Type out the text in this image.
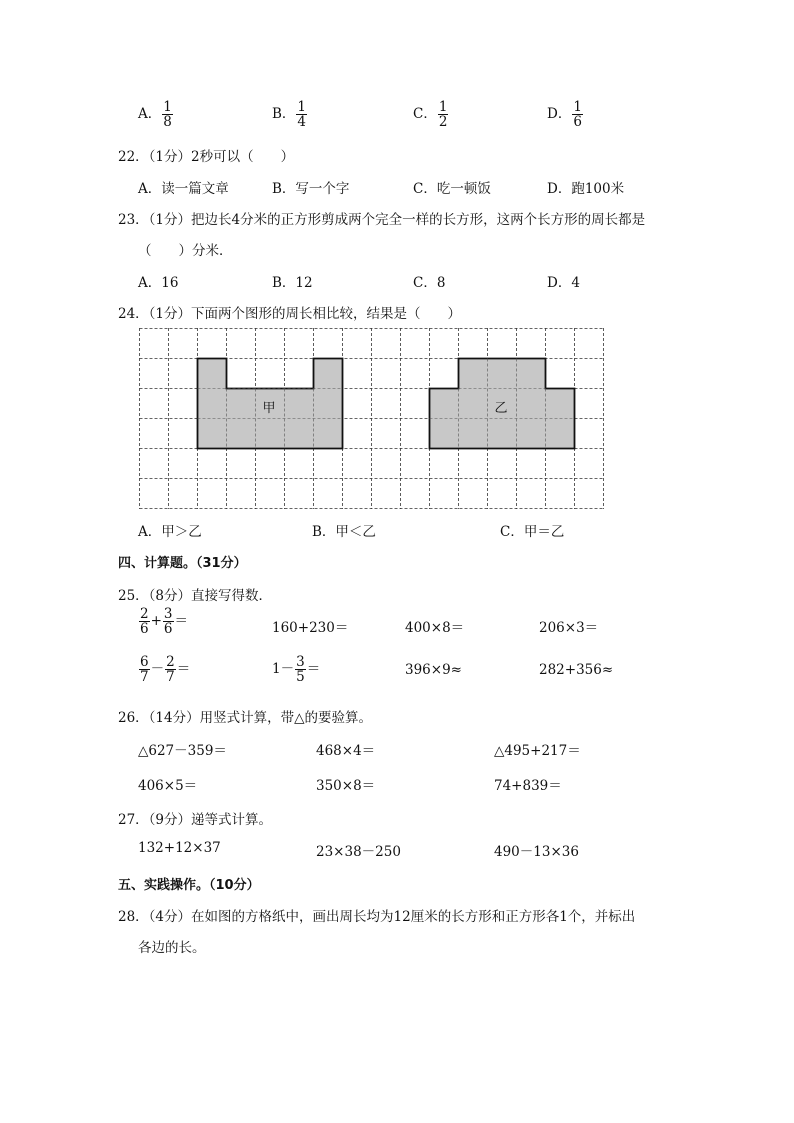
A． $\frac{1}{8}$	B． $\frac{1}{4}$	C． $\frac{1}{2}$	D． $\frac{1}{6}$
22．（1分）2秒可以（　　）
A．读一篇文章	B．写一个字	C．吃一顿饭	D．跑100米
23．（1分）把边长4分米的正方形剪成两个完全一样的长方形，这两个长方形的周长都是
（　　）分米．
A．16	B．12	C．8	D．4
24．（1分）下面两个图形的周长相比较，结果是（　　）
甲	乙
A．甲＞乙	B．甲＜乙	C．甲＝乙
四、计算题。（31分）
25．（8分）直接写得数．
$\frac{2}{6} + \frac{3}{6}$ ＝	160+230＝	400×8＝	206×3＝
$\frac{6}{7} - \frac{2}{7}$ ＝	$1- \frac{3}{5}$ ＝	396×9≈	282+356≈
26．（14分）用竖式计算，带△的要验算。
△627－359＝	468×4＝	△495+217＝
406×5＝	350×8＝	74+839＝
27．（9分）递等式计算。
132+12×37	23×38－250	490－13×36
五、实践操作。（10分）
28．（4分）在如图的方格纸中，画出周长均为12厘米的长方形和正方形各1个，并标出
各边的长。
